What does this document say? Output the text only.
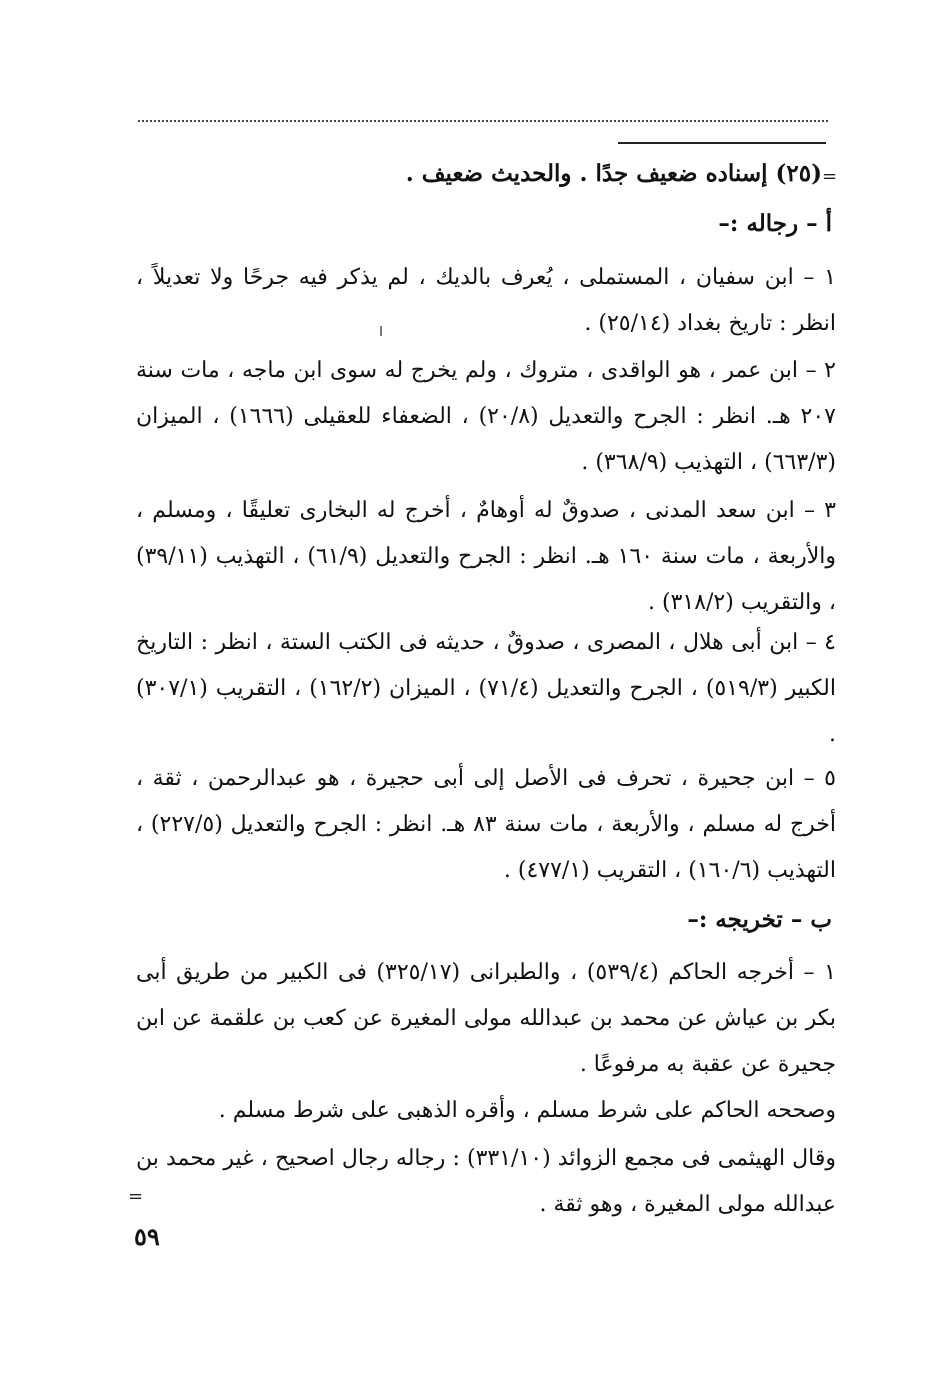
=
(٢٥) إسناده ضعيف جدًا . والحديث ضعيف .
أ – رجاله :–
١ – ابن سفيان ، المستملى ، يُعرف بالديك ، لم يذكر فيه جرحًا ولا تعديلاً ، انظر : تاريخ بغداد (٢٥/١٤) .
٢ – ابن عمر ، هو الواقدى ، متروك ، ولم يخرج له سوى ابن ماجه ، مات سنة ٢٠٧ هـ. انظر : الجرح والتعديل (٢٠/٨) ، الضعفاء للعقيلى (١٦٦٦) ، الميزان (٦٦٣/٣) ، التهذيب (٣٦٨/٩) .
٣ – ابن سعد المدنى ، صدوقٌ له أوهامٌ ، أخرج له البخارى تعليقًا ، ومسلم ، والأربعة ، مات سنة ١٦٠ هـ. انظر : الجرح والتعديل (٦١/٩) ، التهذيب (٣٩/١١) ، والتقريب (٣١٨/٢) .
٤ – ابن أبى هلال ، المصرى ، صدوقٌ ، حديثه فى الكتب الستة ، انظر : التاريخ الكبير (٥١٩/٣) ، الجرح والتعديل (٧١/٤) ، الميزان (١٦٢/٢) ، التقريب (٣٠٧/١) .
٥ – ابن جحيرة ، تحرف فى الأصل إلى أبى حجيرة ، هو عبدالرحمن ، ثقة ، أخرج له مسلم ، والأربعة ، مات سنة ٨٣ هـ. انظر : الجرح والتعديل (٢٢٧/٥) ، التهذيب (١٦٠/٦) ، التقريب (٤٧٧/١) .
ب – تخريجه :–
١ – أخرجه الحاكم (٥٣٩/٤) ، والطبرانى (٣٢٥/١٧) فى الكبير من طريق أبى بكر بن عياش عن محمد بن عبدالله مولى المغيرة عن كعب بن علقمة عن ابن جحيرة عن عقبة به مرفوعًا .
وصححه الحاكم على شرط مسلم ، وأقره الذهبى على شرط مسلم .
وقال الهيثمى فى مجمع الزوائد (٣٣١/١٠) : رجاله رجال اصحيح ، غير محمد بن عبدالله مولى المغيرة ، وهو ثقة .
=
٥٩
